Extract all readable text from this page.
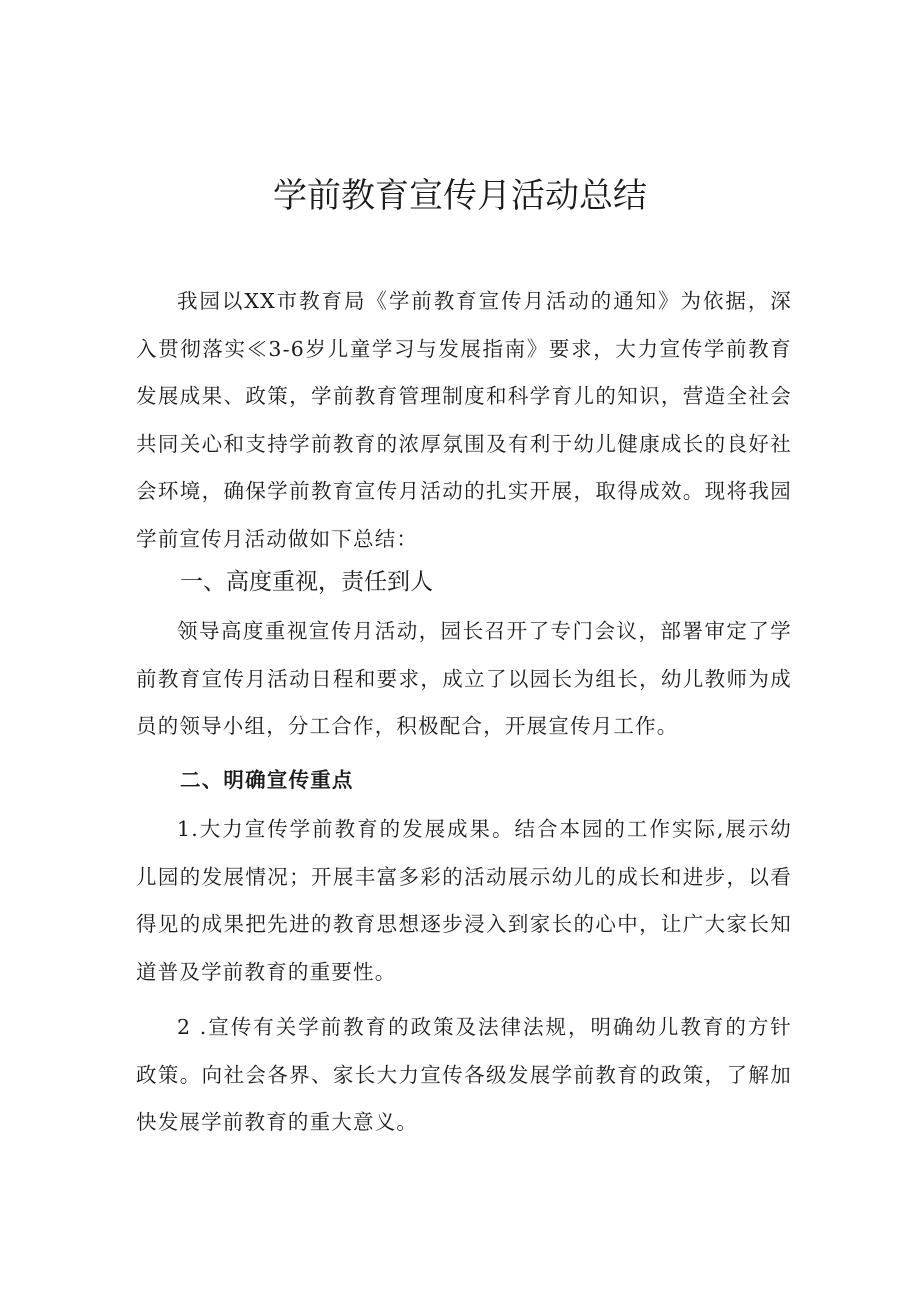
学前教育宣传月活动总结

我园以XX市教育局《学前教育宣传月活动的通知》为依据，深入贯彻落实≪3-6岁儿童学习与发展指南》要求，大力宣传学前教育发展成果、政策，学前教育管理制度和科学育儿的知识，营造全社会共同关心和支持学前教育的浓厚氛围及有利于幼儿健康成长的良好社会环境，确保学前教育宣传月活动的扎实开展，取得成效。现将我园学前宣传月活动做如下总结：

一、高度重视，责任到人

领导高度重视宣传月活动，园长召开了专门会议，部署审定了学前教育宣传月活动日程和要求，成立了以园长为组长，幼儿教师为成员的领导小组，分工合作，积极配合，开展宣传月工作。

二、明确宣传重点

1.大力宣传学前教育的发展成果。结合本园的工作实际,展示幼儿园的发展情况；开展丰富多彩的活动展示幼儿的成长和进步，以看得见的成果把先进的教育思想逐步浸入到家长的心中，让广大家长知道普及学前教育的重要性。

2 .宣传有关学前教育的政策及法律法规，明确幼儿教育的方针政策。向社会各界、家长大力宣传各级发展学前教育的政策，了解加快发展学前教育的重大意义。
